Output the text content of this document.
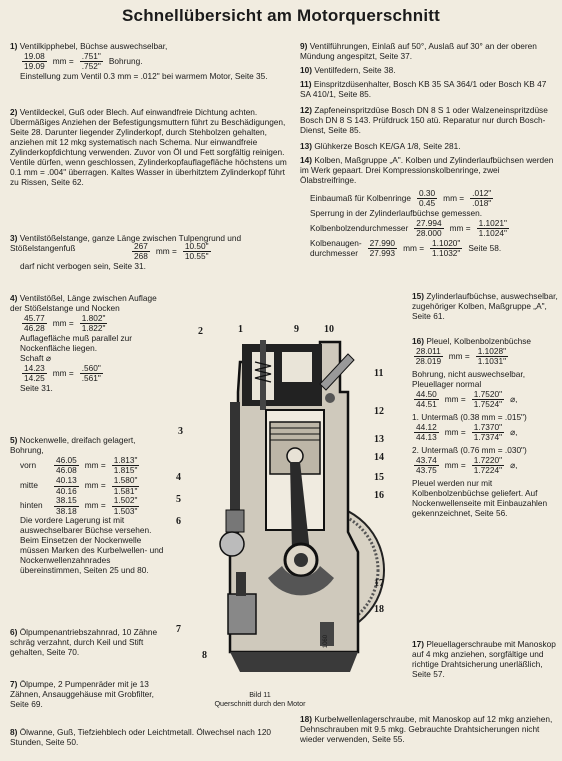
Schnellübersicht am Motorquerschnitt

1) Ventilkipphebel, Büchse auswechselbar,

$\frac{19.08}{19.09}$ mm = $\frac{.751"}{.752"}$ Bohrung.

Einstellung zum Ventil 0.3 mm = .012" bei warmem Motor, Seite 35.

2) Ventildeckel, Guß oder Blech. Auf einwandfreie Dichtung achten. Übermäßiges Anziehen der Befestigungsmuttern führt zu Beschädigungen, Seite 28. Darunter liegender Zylinderkopf, durch Stehbolzen gehalten, anziehen mit 12 mkg systematisch nach Schema. Nur einwandfreie Zylinderkopfdichtung verwenden. Zuvor von Öl und Fett sorgfältig reinigen. Ventile dürfen, wenn geschlossen, Zylinderkopfauflagefläche höchstens um 0.1 mm = .004" überragen. Kaltes Wasser in überhitztem Zylinderkopf führt zu Rissen, Seite 62.

3) Ventilstößelstange, ganze Länge zwischen Tulpengrund und Stößelstangenfuß	$\frac{267}{268}$ mm = $\frac{10.50"}{10.55"}$

darf nicht verbogen sein, Seite 31.

4) Ventilstößel, Länge zwischen Auflage der Stößelstange und Nocken

$\frac{45.77}{46.28}$ mm = $\frac{1.802"}{1.822"}$

Auflagefläche muß parallel zur Nockenfläche liegen.

Schaft ⌀

$\frac{14.23}{14.25}$ mm = $\frac{.560"}{.561"}$

Seite 31.

5) Nockenwelle, dreifach gelagert, Bohrung,

vorn	$\frac{46.05}{46.08}$ mm = $\frac{1.813"}{1.815"}$
mitte	$\frac{40.13}{40.16}$ mm = $\frac{1.580"}{1.581"}$
hinten	$\frac{38.15}{38.18}$ mm = $\frac{1.502"}{1.503"}$

Die vordere Lagerung ist mit auswechselbarer Büchse versehen. Beim Einsetzen der Nockenwelle müssen Marken des Kurbelwellen- und Nockenwellenzahnrades übereinstimmen, Seiten 25 und 80.

6) Ölpumpenantriebszahnrad, 10 Zähne schräg verzahnt, durch Keil und Stift gehalten, Seite 70.

7) Ölpumpe, 2 Pumpenräder mit je 13 Zähnen, Ansauggehäuse mit Grobfilter, Seite 69.

8) Ölwanne, Guß, Tiefziehblech oder Leichtmetall. Ölwechsel nach 120 Stunden, Seite 50.

9) Ventilführungen, Einlaß auf 50°, Auslaß auf 30° an der oberen Mündung angespitzt, Seite 37.

10) Ventilfedern, Seite 38.

11) Einspritzdüsenhalter, Bosch KB 35 SA 364/1 oder Bosch KB 47 SA 410/1, Seite 85.

12) Zapfeneinspritzdüse Bosch DN 8 S 1 oder Walzeneinspritzdüse Bosch DN 8 S 143. Prüfdruck 150 atü. Reparatur nur durch Bosch-Dienst, Seite 85.

13) Glühkerze Bosch KE/GA 1/8, Seite 281.

14) Kolben, Maßgruppe „A". Kolben und Zylinderlaufbüchsen werden im Werk gepaart. Drei Kompressionskolbenringe, zwei Ölabstreifringe.

Einbaumaß für Kolbenringe $\frac{0.30}{0.45}$ mm = $\frac{.012"}{.018"}$

Sperrung in der Zylinderlaufbüchse gemessen.

Kolbenbolzendurchmesser $\frac{27.994}{28.000}$ mm = $\frac{1.1021"}{1.1024"}$
Kolbenaugen-
durchmesser	$\frac{27.990}{27.993}$ mm = $\frac{1.1020"}{1.1032"}$ Seite 58.

15) Zylinderlaufbüchse, auswechselbar, zugehöriger Kolben, Maßgruppe „A", Seite 61.

16) Pleuel, Kolbenbolzenbüchse

$\frac{28.011}{28.019}$ mm = $\frac{1.1028"}{1.1031"}$

Bohrung, nicht auswechselbar, Pleuellager normal

$\frac{44.50}{44.51}$ mm = $\frac{1.7520"}{1.7524"}$ ⌀,

1. Untermaß (0.38 mm = .015")

$\frac{44.12}{44.13}$ mm = $\frac{1.7370"}{1.7374"}$ ⌀,

2. Untermaß (0.76 mm = .030")

$\frac{43.74}{43.75}$ mm = $\frac{1.7220"}{1.7224"}$ ⌀,

Pleuel werden nur mit Kolbenbolzenbüchse geliefert. Auf Nockenwellenseite mit Einbauzahlen gekennzeichnet, Seite 56.

17) Pleuellagerschraube mit Manoskop auf 4 mkg anziehen, sorgfältige und richtige Drahtsicherung unerläßlich, Seite 57.

18) Kurbelwellenlagerschraube, mit Manoskop auf 12 mkg anziehen, Dehnschrauben mit 9.5 mkg. Gebrauchte Drahtsicherungen nicht wieder verwenden, Seite 55.

2	1	9	10
11
12
13
14
15
16
3
4
5
6
17
18
7
8
1060
Bild 11
Querschnitt durch den Motor
